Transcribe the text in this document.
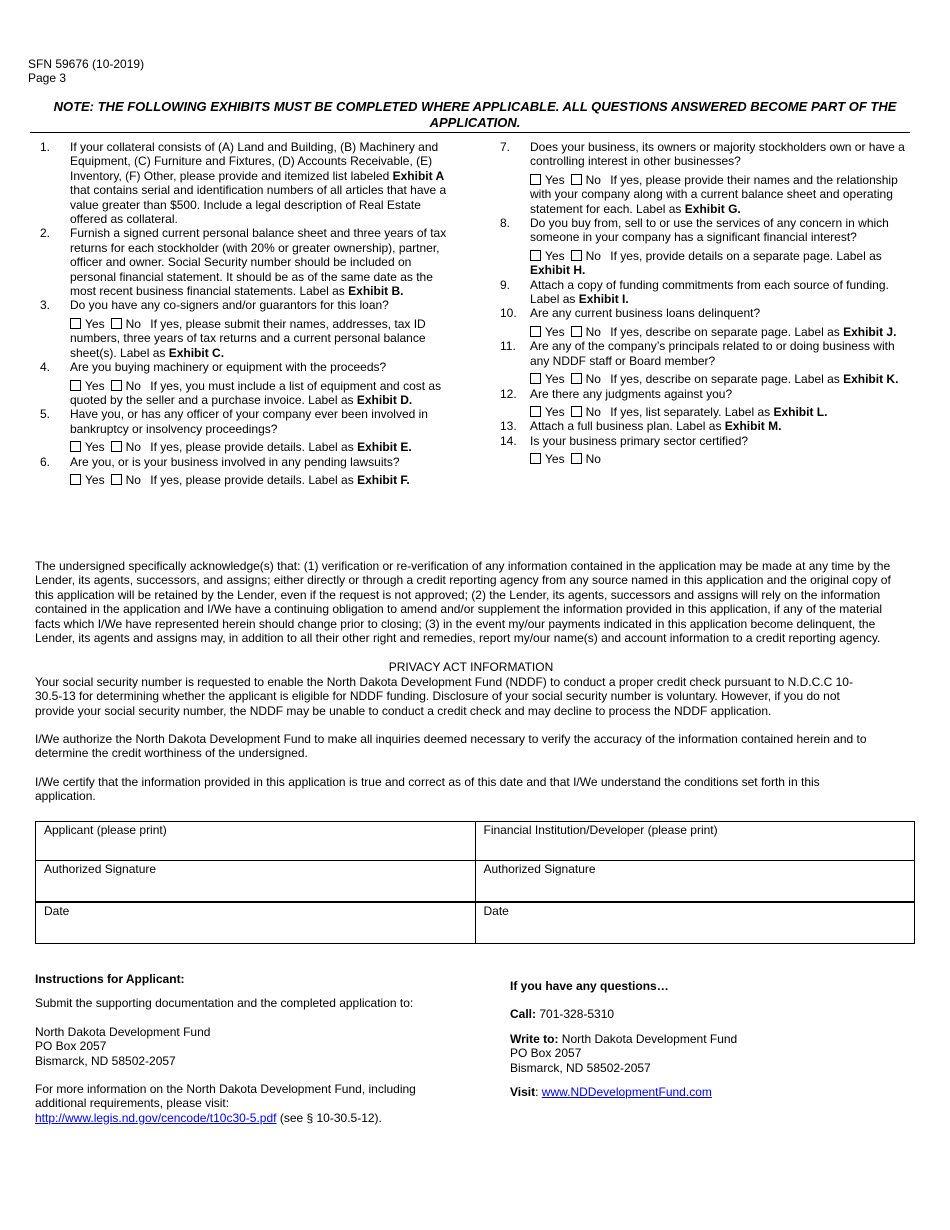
SFN 59676 (10-2019)
Page 3
NOTE: THE FOLLOWING EXHIBITS MUST BE COMPLETED WHERE APPLICABLE. ALL QUESTIONS ANSWERED BECOME PART OF THE APPLICATION.
1. If your collateral consists of (A) Land and Building, (B) Machinery and Equipment, (C) Furniture and Fixtures, (D) Accounts Receivable, (E) Inventory, (F) Other, please provide and itemized list labeled Exhibit A that contains serial and identification numbers of all articles that have a value greater than $500. Include a legal description of Real Estate offered as collateral.
2. Furnish a signed current personal balance sheet and three years of tax returns for each stockholder (with 20% or greater ownership), partner, officer and owner. Social Security number should be included on personal financial statement. It should be as of the same date as the most recent business financial statements. Label as Exhibit B.
3. Do you have any co-signers and/or guarantors for this loan?
Yes No If yes, please submit their names, addresses, tax ID numbers, three years of tax returns and a current personal balance sheet(s). Label as Exhibit C.
4. Are you buying machinery or equipment with the proceeds?
Yes No If yes, you must include a list of equipment and cost as quoted by the seller and a purchase invoice. Label as Exhibit D.
5. Have you, or has any officer of your company ever been involved in bankruptcy or insolvency proceedings?
Yes No If yes, please provide details. Label as Exhibit E.
6. Are you, or is your business involved in any pending lawsuits?
Yes No If yes, please provide details. Label as Exhibit F.
7. Does your business, its owners or majority stockholders own or have a controlling interest in other businesses?
Yes No If yes, please provide their names and the relationship with your company along with a current balance sheet and operating statement for each. Label as Exhibit G.
8. Do you buy from, sell to or use the services of any concern in which someone in your company has a significant financial interest?
Yes No If yes, provide details on a separate page. Label as Exhibit H.
9. Attach a copy of funding commitments from each source of funding. Label as Exhibit I.
10. Are any current business loans delinquent?
Yes No If yes, describe on separate page. Label as Exhibit J.
11. Are any of the company’s principals related to or doing business with any NDDF staff or Board member?
Yes No If yes, describe on separate page. Label as Exhibit K.
12. Are there any judgments against you?
Yes No If yes, list separately. Label as Exhibit L.
13. Attach a full business plan. Label as Exhibit M.
14. Is your business primary sector certified?
Yes No
The undersigned specifically acknowledge(s) that: (1) verification or re-verification of any information contained in the application may be made at any time by the Lender, its agents, successors, and assigns; either directly or through a credit reporting agency from any source named in this application and the original copy of this application will be retained by the Lender, even if the request is not approved; (2) the Lender, its agents, successors and assigns will rely on the information contained in the application and I/We have a continuing obligation to amend and/or supplement the information provided in this application, if any of the material facts which I/We have represented herein should change prior to closing; (3) in the event my/our payments indicated in this application become delinquent, the Lender, its agents and assigns may, in addition to all their other right and remedies, report my/our name(s) and account information to a credit reporting agency.
PRIVACY ACT INFORMATION
Your social security number is requested to enable the North Dakota Development Fund (NDDF) to conduct a proper credit check pursuant to N.D.C.C 10-30.5-13 for determining whether the applicant is eligible for NDDF funding. Disclosure of your social security number is voluntary. However, if you do not provide your social security number, the NDDF may be unable to conduct a credit check and may decline to process the NDDF application.
I/We authorize the North Dakota Development Fund to make all inquiries deemed necessary to verify the accuracy of the information contained herein and to determine the credit worthiness of the undersigned.
I/We certify that the information provided in this application is true and correct as of this date and that I/We understand the conditions set forth in this application.
Applicant (please print)	Financial Institution/Developer (please print)
Authorized Signature	Authorized Signature
Date	Date

Instructions for Applicant:

Submit the supporting documentation and the completed application to:

North Dakota Development Fund

PO Box 2057

Bismarck, ND 58502-2057

For more information on the North Dakota Development Fund, including additional requirements, please visit:

http://www.legis.nd.gov/cencode/t10c30-5.pdf (see § 10-30.5-12).

If you have any questions…

Call: 701-328-5310

Write to: North Dakota Development Fund

PO Box 2057

Bismarck, ND 58502-2057

Visit: www.NDDevelopmentFund.com
